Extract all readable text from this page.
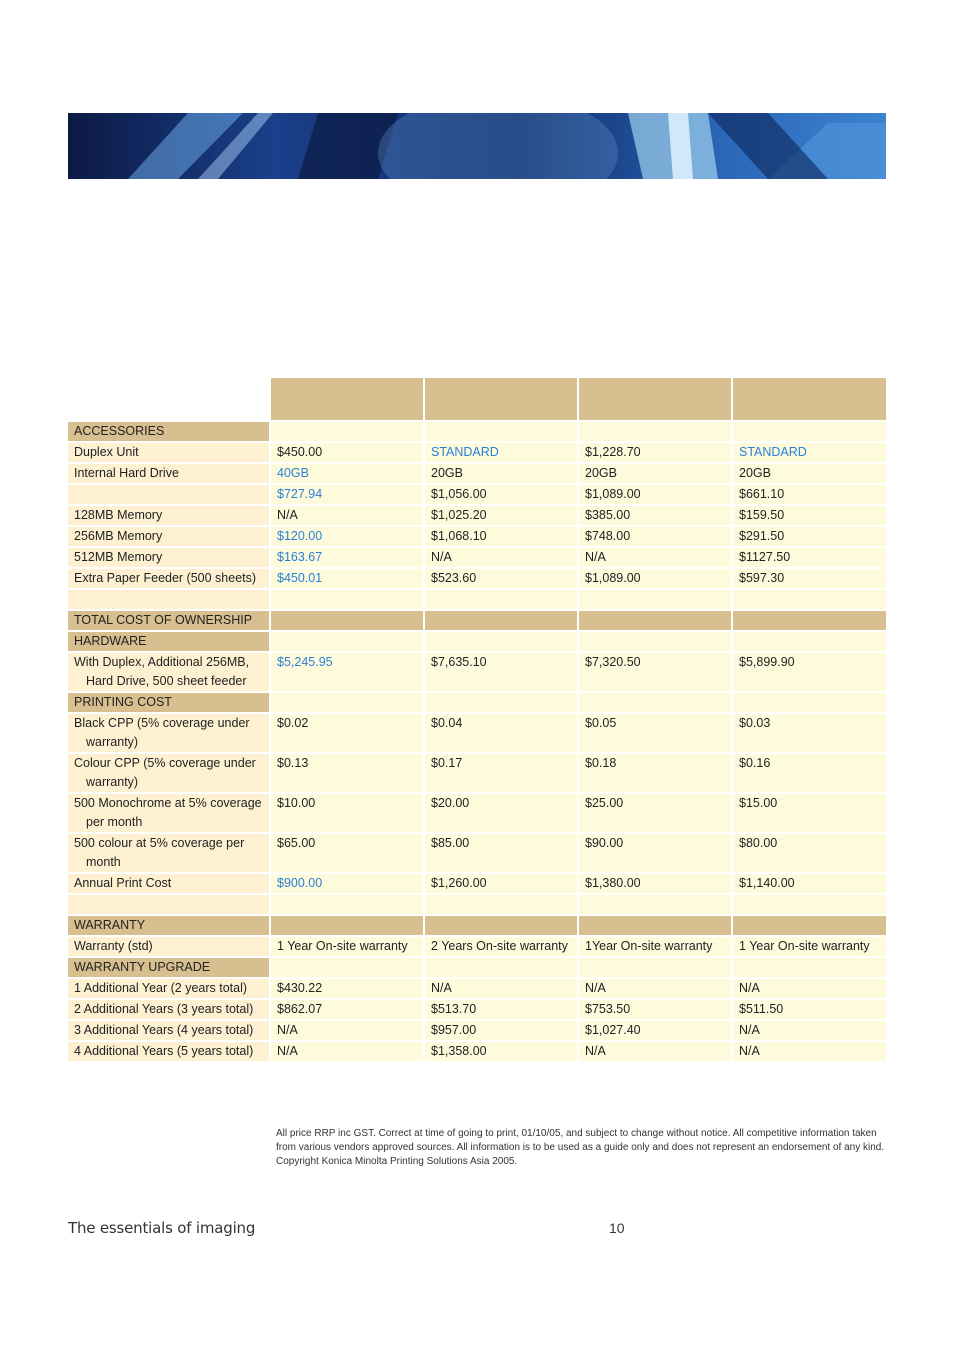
ACCESSORIES				

Duplex Unit	$450.00	STANDARD	$1,228.70	STANDARD

Internal Hard Drive	40GB	20GB	20GB	20GB

	$727.94	$1,056.00	$1,089.00	$661.10

128MB Memory	N/A	$1,025.20	$385.00	$159.50

256MB Memory	$120.00	$1,068.10	$748.00	$291.50

512MB Memory	$163.67	N/A	N/A	$1127.50

Extra Paper Feeder (500 sheets)	$450.01	$523.60	$1,089.00	$597.30

TOTAL COST OF OWNERSHIP				
HARDWARE				

With Duplex, Additional 256MB, Hard Drive, 500 sheet feeder	$5,245.95	$7,635.10	$7,320.50	$5,899.90
PRINTING COST				

Black CPP (5% coverage under warranty)	$0.02	$0.04	$0.05	$0.03

Colour CPP (5% coverage under warranty)	$0.13	$0.17	$0.18	$0.16

500 Monochrome at 5% coverage per month	$10.00	$20.00	$25.00	$15.00

500 colour at 5% coverage per month	$65.00	$85.00	$90.00	$80.00

Annual Print Cost	$900.00	$1,260.00	$1,380.00	$1,140.00

WARRANTY				

Warranty (std)	1 Year On-site warranty	2 Years On-site warranty	1Year On-site warranty	1 Year On-site warranty
WARRANTY UPGRADE				

1 Additional Year (2 years total)	$430.22	N/A	N/A	N/A

2 Additional Years (3 years total)	$862.07	$513.70	$753.50	$511.50

3 Additional Years (4 years total)	N/A	$957.00	$1,027.40	N/A

4 Additional Years (5 years total)	N/A	$1,358.00	N/A	N/A

All price RRP inc GST. Correct at time of going to print, 01/10/05, and subject to change without notice. All competitive information taken from various vendors approved sources. All information is to be used as a guide only and does not represent an endorsement of any kind. Copyright Konica Minolta Printing Solutions Asia 2005.

The essentials of imaging	10
